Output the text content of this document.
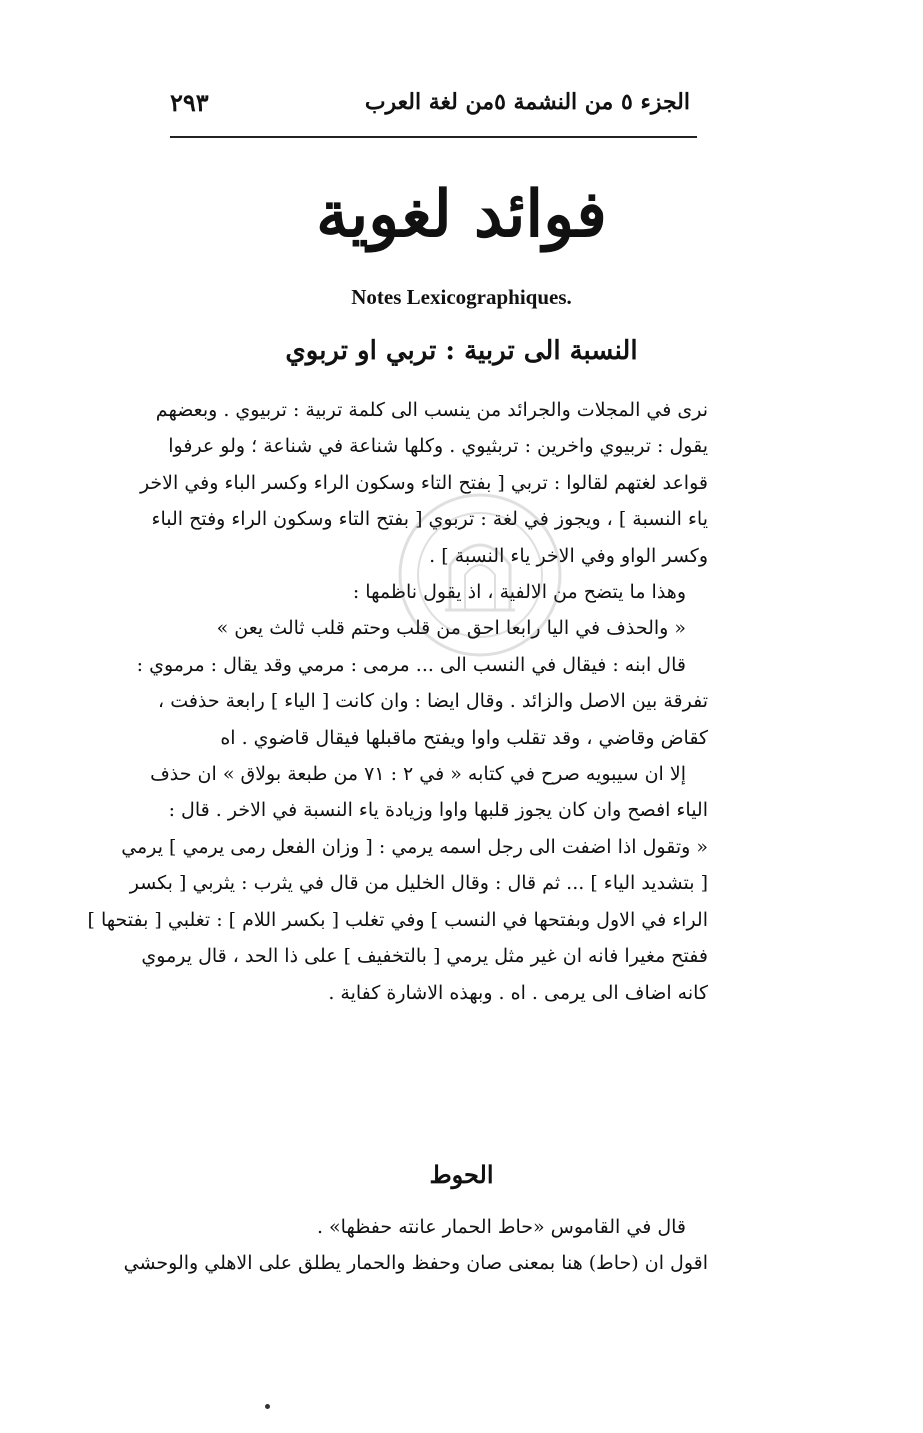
الجزء ٥ من النشمة ٥من لغة العرب
٢٩٣
فوائد لغوية
Notes Lexicographiques.
النسبة الى تربية : تربي او تربوي
نرى في المجلات والجرائد من ينسب الى كلمة تربية : تربيوي . وبعضهم
يقول : تربيوي واخرين : تربثيوي . وكلها شناعة في شناعة ؛ ولو عرفوا
قواعد لغتهم لقالوا : تربي [ بفتح التاء وسكون الراء وكسر الباء وفي الاخر
ياء النسبة ] ، ويجوز في لغة : تربوي [ بفتح التاء وسكون الراء وفتح الباء
وكسر الواو وفي الاخر ياء النسبة ] .
وهذا ما يتضح من الالفية ، اذ يقول ناظمها :
« والحذف في اليا رابعا احق من قلب وحتم قلب ثالث يعن »
قال ابنه : فيقال في النسب الى ... مرمى : مرمي وقد يقال : مرموي :
تفرقة بين الاصل والزائد . وقال ايضا : وان كانت [ الياء ] رابعة حذفت ،
كقاض وقاضي ، وقد تقلب واوا ويفتح ماقبلها فيقال قاضوي . اه
إلا ان سيبويه صرح في كتابه « في ٢ : ٧١ من طبعة بولاق » ان حذف
الياء افصح وان كان يجوز قلبها واوا وزيادة ياء النسبة في الاخر . قال :
« وتقول اذا اضفت الى رجل اسمه يرمي : [ وزان الفعل رمى يرمي ] يرمي
[ بتشديد الياء ] ... ثم قال : وقال الخليل من قال في يثرب : يثربي [ بكسر
الراء في الاول وبفتحها في النسب ] وفي تغلب [ بكسر اللام ] : تغلبي [ بفتحها ]
ففتح مغيرا فانه ان غير مثل يرمي [ بالتخفيف ] على ذا الحد ، قال يرموي
كانه اضاف الى يرمى . اه . وبهذه الاشارة كفاية .
الحوط
قال في القاموس «حاط الحمار عانته حفظها» .
اقول ان (حاط) هنا بمعنى صان وحفظ والحمار يطلق على الاهلي والوحشي
